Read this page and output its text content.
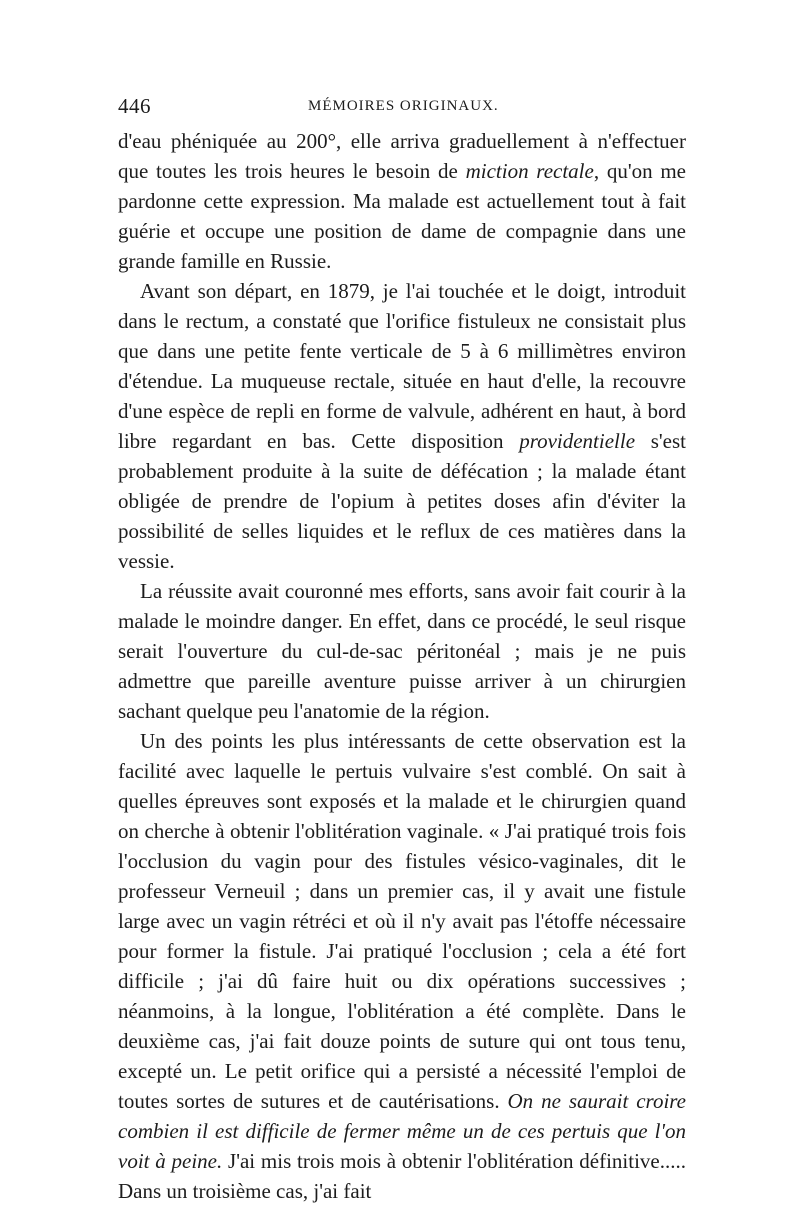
446	MÉMOIRES ORIGINAUX.

d'eau phéniquée au 200°, elle arriva graduellement à n'effectuer que toutes les trois heures le besoin de miction rectale, qu'on me pardonne cette expression. Ma malade est actuellement tout à fait guérie et occupe une position de dame de compagnie dans une grande famille en Russie.

Avant son départ, en 1879, je l'ai touchée et le doigt, introduit dans le rectum, a constaté que l'orifice fistuleux ne consistait plus que dans une petite fente verticale de 5 à 6 millimètres environ d'étendue. La muqueuse rectale, située en haut d'elle, la recouvre d'une espèce de repli en forme de valvule, adhérent en haut, à bord libre regardant en bas. Cette disposition providentielle s'est probablement produite à la suite de défécation ; la malade étant obligée de prendre de l'opium à petites doses afin d'éviter la possibilité de selles liquides et le reflux de ces matières dans la vessie.

La réussite avait couronné mes efforts, sans avoir fait courir à la malade le moindre danger. En effet, dans ce procédé, le seul risque serait l'ouverture du cul-de-sac péritonéal ; mais je ne puis admettre que pareille aventure puisse arriver à un chirurgien sachant quelque peu l'anatomie de la région.

Un des points les plus intéressants de cette observation est la facilité avec laquelle le pertuis vulvaire s'est comblé. On sait à quelles épreuves sont exposés et la malade et le chirurgien quand on cherche à obtenir l'oblitération vaginale. « J'ai pratiqué trois fois l'occlusion du vagin pour des fistules vésico-vaginales, dit le professeur Verneuil ; dans un premier cas, il y avait une fistule large avec un vagin rétréci et où il n'y avait pas l'étoffe nécessaire pour former la fistule. J'ai pratiqué l'occlusion ; cela a été fort difficile ; j'ai dû faire huit ou dix opérations successives ; néanmoins, à la longue, l'oblitération a été complète. Dans le deuxième cas, j'ai fait douze points de suture qui ont tous tenu, excepté un. Le petit orifice qui a persisté a nécessité l'emploi de toutes sortes de sutures et de cautérisations. On ne saurait croire combien il est difficile de fermer même un de ces pertuis que l'on voit à peine. J'ai mis trois mois à obtenir l'oblitération définitive..... Dans un troisième cas, j'ai fait
